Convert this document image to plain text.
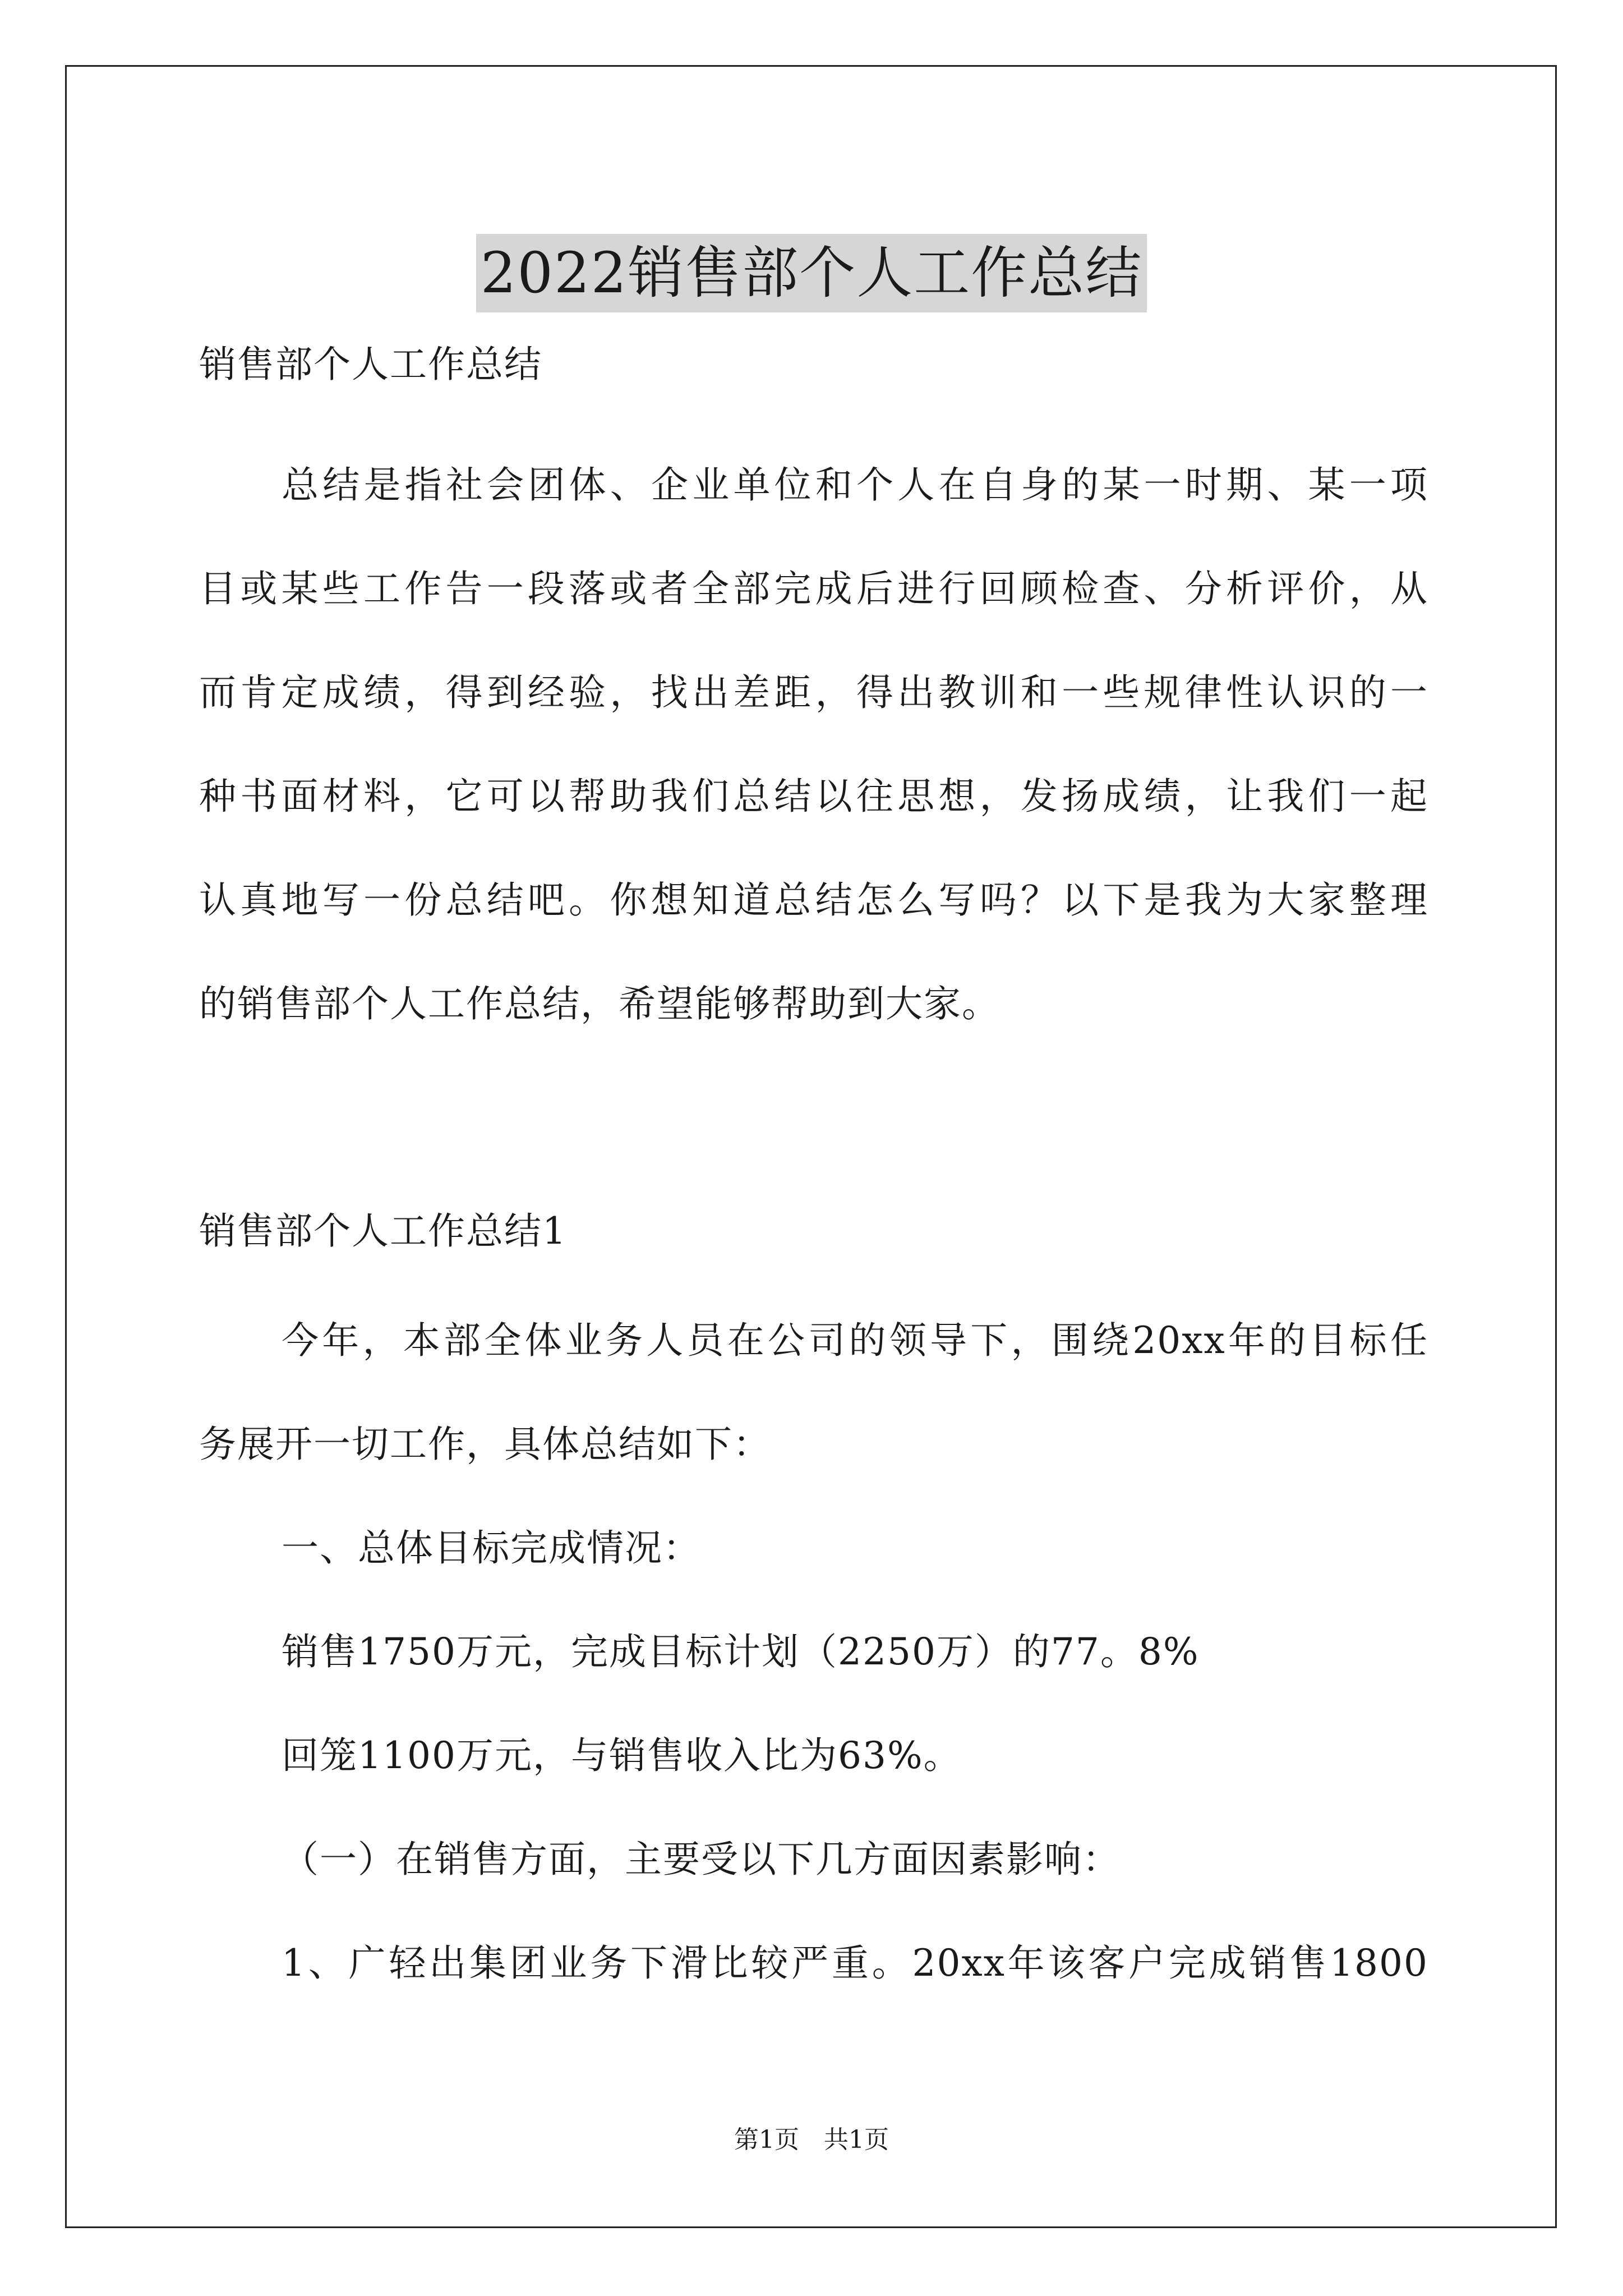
2022销售部个人工作总结
销售部个人工作总结
总结是指社会团体、企业单位和个人在自身的某一时期、某一项
目或某些工作告一段落或者全部完成后进行回顾检查、分析评价，从
而肯定成绩，得到经验，找出差距，得出教训和一些规律性认识的一
种书面材料，它可以帮助我们总结以往思想，发扬成绩，让我们一起
认真地写一份总结吧。你想知道总结怎么写吗？以下是我为大家整理
的销售部个人工作总结，希望能够帮助到大家。
销售部个人工作总结1
今年，本部全体业务人员在公司的领导下，围绕20xx年的目标任
务展开一切工作，具体总结如下：
一、总体目标完成情况：
销售1750万元，完成目标计划（2250万）的77。8%
回笼1100万元，与销售收入比为63%。
（一）在销售方面，主要受以下几方面因素影响：
1、广轻出集团业务下滑比较严重。20xx年该客户完成销售1800
第1页　共1页
